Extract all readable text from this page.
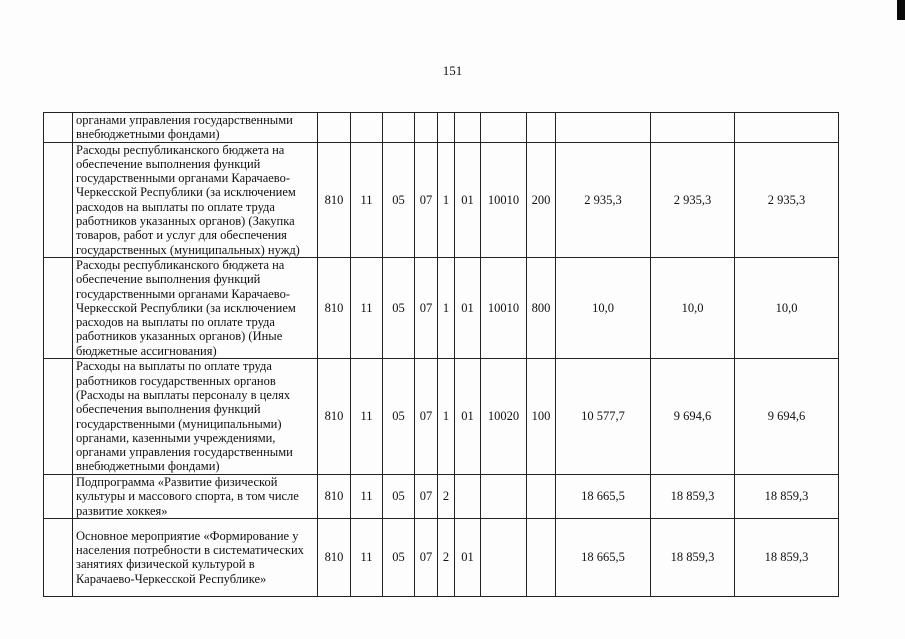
151
	органами управления государственными внебюджетными фондами)											
	Расходы республиканского бюджета на обеспечение выполнения функций государственными органами Карачаево-Черкесской Республики (за исключением расходов на выплаты по оплате труда работников указанных органов) (Закупка товаров, работ и услуг для обеспечения государственных (муниципальных) нужд)	810	11	05	07	1	01	10010	200	2 935,3	2 935,3	2 935,3
	Расходы республиканского бюджета на обеспечение выполнения функций государственными органами Карачаево-Черкесской Республики (за исключением расходов на выплаты по оплате труда работников указанных органов) (Иные бюджетные ассигнования)	810	11	05	07	1	01	10010	800	10,0	10,0	10,0
	Расходы на выплаты по оплате труда работников государственных органов (Расходы на выплаты персоналу в целях обеспечения выполнения функций государственными (муниципальными) органами, казенными учреждениями, органами управления государственными внебюджетными фондами)	810	11	05	07	1	01	10020	100	10 577,7	9 694,6	9 694,6
	Подпрограмма «Развитие физической культуры и массового спорта, в том числе развитие хоккея»	810	11	05	07	2				18 665,5	18 859,3	18 859,3
	Основное мероприятие «Формирование у населения потребности в систематических занятиях физической культурой в Карачаево-Черкесской Республике»	810	11	05	07	2	01			18 665,5	18 859,3	18 859,3
